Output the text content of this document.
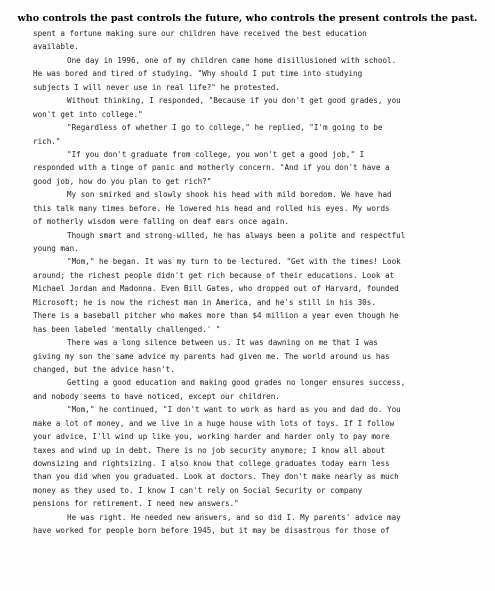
who controls the past controls the future, who controls the present controls the past.
spent a fortune making sure our children have received the best education
available.
One day in 1996, one of my children came home disillusioned with school.
He was bored and tired of studying. "Why should I put time into studying
subjects I will never use in real life?" he protested.
Without thinking, I responded, "Because if you don't get good grades, you
won't get into college."
"Regardless of whether I go to college," he replied, "I'm going to be
rich."
"If you don't graduate from college, you won't get a good job," I
responded with a tinge of panic and motherly concern. "And if you don't have a
good job, how do you plan to get rich?"
My son smirked and slowly shook his head with mild boredom. We have had
this talk many times before. He lowered his head and rolled his eyes. My words
of motherly wisdom were falling on deaf ears once again.
Though smart and strong-willed, he has always been a polite and respectful
young man.
"Mom," he began. It was my turn to be lectured. "Get with the times! Look
around; the richest people didn't get rich because of their educations. Look at
Michael Jordan and Madonna. Even Bill Gates, who dropped out of Harvard, founded
Microsoft; he is now the richest man in America, and he's still in his 30s.
There is a baseball pitcher who makes more than $4 million a year even though he
has been labeled 'mentally challenged.' "
There was a long silence between us. It was dawning on me that I was
giving my son the same advice my parents had given me. The world around us has
changed, but the advice hasn't.
Getting a good education and making good grades no longer ensures success,
and nobody seems to have noticed, except our children.
"Mom," he continued, "I don't want to work as hard as you and dad do. You
make a lot of money, and we live in a huge house with lots of toys. If I follow
your advice, I'll wind up like you, working harder and harder only to pay more
taxes and wind up in debt. There is no job security anymore; I know all about
downsizing and rightsizing. I also know that college graduates today earn less
than you did when you graduated. Look at doctors. They don't make nearly as much
money as they used to. I know I can't rely on Social Security or company
pensions for retirement. I need new answers."
He was right. He needed new answers, and so did I. My parents' advice may
have worked for people born before 1945, but it may be disastrous for those of
